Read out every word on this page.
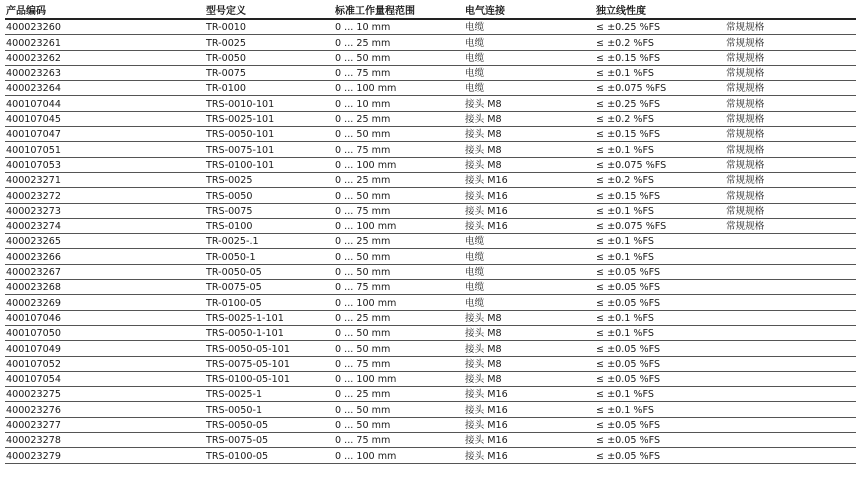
产品编码	型号定义	标准工作量程范围	电气连接	独立线性度	
400023260	TR-0010	0 ... 10 mm	电缆	≤ ±0.25 %FS	常规规格
400023261	TR-0025	0 ... 25 mm	电缆	≤ ±0.2 %FS	常规规格
400023262	TR-0050	0 ... 50 mm	电缆	≤ ±0.15 %FS	常规规格
400023263	TR-0075	0 ... 75 mm	电缆	≤ ±0.1 %FS	常规规格
400023264	TR-0100	0 ... 100 mm	电缆	≤ ±0.075 %FS	常规规格
400107044	TRS-0010-101	0 ... 10 mm	接头 M8	≤ ±0.25 %FS	常规规格
400107045	TRS-0025-101	0 ... 25 mm	接头 M8	≤ ±0.2 %FS	常规规格
400107047	TRS-0050-101	0 ... 50 mm	接头 M8	≤ ±0.15 %FS	常规规格
400107051	TRS-0075-101	0 ... 75 mm	接头 M8	≤ ±0.1 %FS	常规规格
400107053	TRS-0100-101	0 ... 100 mm	接头 M8	≤ ±0.075 %FS	常规规格
400023271	TRS-0025	0 ... 25 mm	接头 M16	≤ ±0.2 %FS	常规规格
400023272	TRS-0050	0 ... 50 mm	接头 M16	≤ ±0.15 %FS	常规规格
400023273	TRS-0075	0 ... 75 mm	接头 M16	≤ ±0.1 %FS	常规规格
400023274	TRS-0100	0 ... 100 mm	接头 M16	≤ ±0.075 %FS	常规规格
400023265	TR-0025-.1	0 ... 25 mm	电缆	≤ ±0.1 %FS	
400023266	TR-0050-1	0 ... 50 mm	电缆	≤ ±0.1 %FS	
400023267	TR-0050-05	0 ... 50 mm	电缆	≤ ±0.05 %FS	
400023268	TR-0075-05	0 ... 75 mm	电缆	≤ ±0.05 %FS	
400023269	TR-0100-05	0 ... 100 mm	电缆	≤ ±0.05 %FS	
400107046	TRS-0025-1-101	0 ... 25 mm	接头 M8	≤ ±0.1 %FS	
400107050	TRS-0050-1-101	0 ... 50 mm	接头 M8	≤ ±0.1 %FS	
400107049	TRS-0050-05-101	0 ... 50 mm	接头 M8	≤ ±0.05 %FS	
400107052	TRS-0075-05-101	0 ... 75 mm	接头 M8	≤ ±0.05 %FS	
400107054	TRS-0100-05-101	0 ... 100 mm	接头 M8	≤ ±0.05 %FS	
400023275	TRS-0025-1	0 ... 25 mm	接头 M16	≤ ±0.1 %FS	
400023276	TRS-0050-1	0 ... 50 mm	接头 M16	≤ ±0.1 %FS	
400023277	TRS-0050-05	0 ... 50 mm	接头 M16	≤ ±0.05 %FS	
400023278	TRS-0075-05	0 ... 75 mm	接头 M16	≤ ±0.05 %FS	
400023279	TRS-0100-05	0 ... 100 mm	接头 M16	≤ ±0.05 %FS	
